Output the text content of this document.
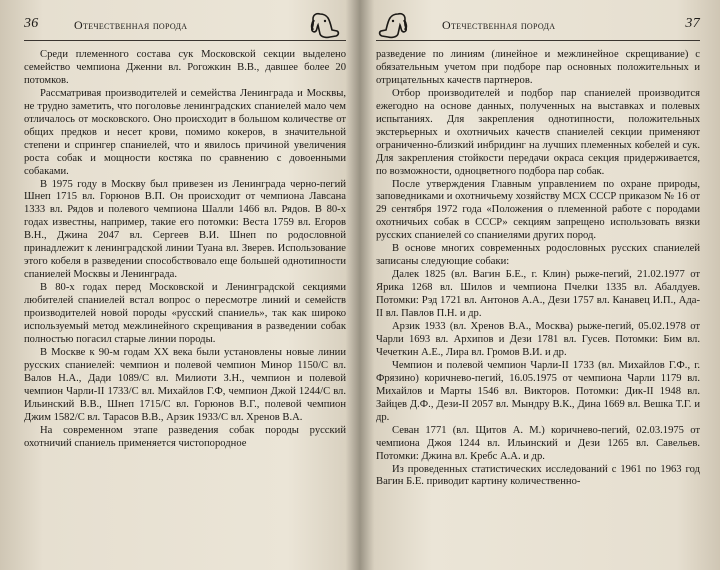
36	Отечественная порода

Среди племенного состава сук Московской секции выделено семейство чемпиона Дженни вл. Рогожкин В.В., давшее более 20 потомков.

Рассматривая производителей и семейства Ленинграда и Москвы, не трудно заметить, что поголовье ленинградских спаниелей мало чем отличалось от московского. Оно происходит в большом количестве от общих предков и несет крови, помимо кокеров, в значительной степени и спрингер спаниелей, что и явилось причиной увеличения роста собак и мощности костяка по сравнению с довоенными собаками.

В 1975 году в Москву был привезен из Ленинграда черно-пегий Шнеп 1715 вл. Горюнов В.П. Он происходит от чемпиона Лавсана 1333 вл. Рядов и полевого чемпиона Шалли 1466 вл. Рядов. В 80-х годах известны, например, такие его потомки: Веста 1759 вл. Егоров В.Н., Джина 2047 вл. Сергеев В.И. Шнеп по родословной принадлежит к ленинградской линии Туана вл. Зверев. Использование этого кобеля в разведении способствовало еще большей однотипности спаниелей Москвы и Ленинграда.

В 80-х годах перед Московской и Ленинградской секциями любителей спаниелей встал вопрос о пересмотре линий и семейств производителей новой породы «русский спаниель», так как широко используемый метод межлинейного скрещивания в разведении собак полностью погасил старые линии породы.

В Москве к 90-м годам XX века были установлены новые линии русских спаниелей: чемпион и полевой чемпион Минор 1150/С вл. Валов Н.А., Дади 1089/С вл. Милиоти З.Н., чемпион и полевой чемпион Чарли-II 1733/С вл. Михайлов Г.Ф, чемпион Джой 1244/С вл. Ильинский В.В., Шнеп 1715/С вл. Горюнов В.Г., полевой чемпион Джим 1582/С вл. Тарасов В.В., Арзик 1933/С вл. Хренов В.А.

На современном этапе разведения собак породы русский охотничий спаниель применяется чистопородное

Отечественная порода	37

разведение по линиям (линейное и межлинейное скрещивание) с обязательным учетом при подборе пар основных положительных и отрицательных качеств партнеров.

Отбор производителей и подбор пар спаниелей производится ежегодно на основе данных, полученных на выставках и полевых испытаниях. Для закрепления однотипности, положительных экстерьерных и охотничьих качеств спаниелей секции применяют ограниченно-близкий инбридинг на лучших племенных кобелей и сук. Для закрепления стойкости передачи окраса секция придерживается, по возможности, одноцветного подбора пар собак.

После утверждения Главным управлением по охране природы, заповедниками и охотничьему хозяйству МСХ СССР приказом № 16 от 29 сентября 1972 года «Положения о племенной работе с породами охотничьих собак в СССР» секциям запрещено использовать вязки русских спаниелей со спаниелями других пород.

В основе многих современных родословных русских спаниелей записаны следующие собаки:

Далек 1825 (вл. Вагин Б.Е., г. Клин) рыже-пегий, 21.02.1977 от Ярика 1268 вл. Шилов и чемпиона Пчелки 1335 вл. Абалдуев. Потомки: Рэд 1721 вл. Антонов А.А., Дези 1757 вл. Канавец И.П., Ада-II вл. Павлов П.Н. и др.

Арзик 1933 (вл. Хренов В.А., Москва) рыже-пегий, 05.02.1978 от Чарли 1693 вл. Архипов и Дези 1781 вл. Гусев. Потомки: Бим вл. Чечеткин А.Е., Лира вл. Громов В.И. и др.

Чемпион и полевой чемпион Чарли-II 1733 (вл. Михайлов Г.Ф., г. Фрязино) коричнево-пегий, 16.05.1975 от чемпиона Чарли 1179 вл. Михайлов и Марты 1546 вл. Викторов. Потомки: Дик-II 1948 вл. Зайцев Д.Ф., Дези-II 2057 вл. Мындру В.К., Дина 1669 вл. Вешка Т.Г. и др.

Севан 1771 (вл. Щитов А. М.) коричнево-пегий, 02.03.1975 от чемпиона Джоя 1244 вл. Ильинский и Дези 1265 вл. Савельев. Потомки: Джина вл. Кребс А.А. и др.

Из проведенных статистических исследований с 1961 по 1963 год Вагин Б.Е. приводит картину количественно-
